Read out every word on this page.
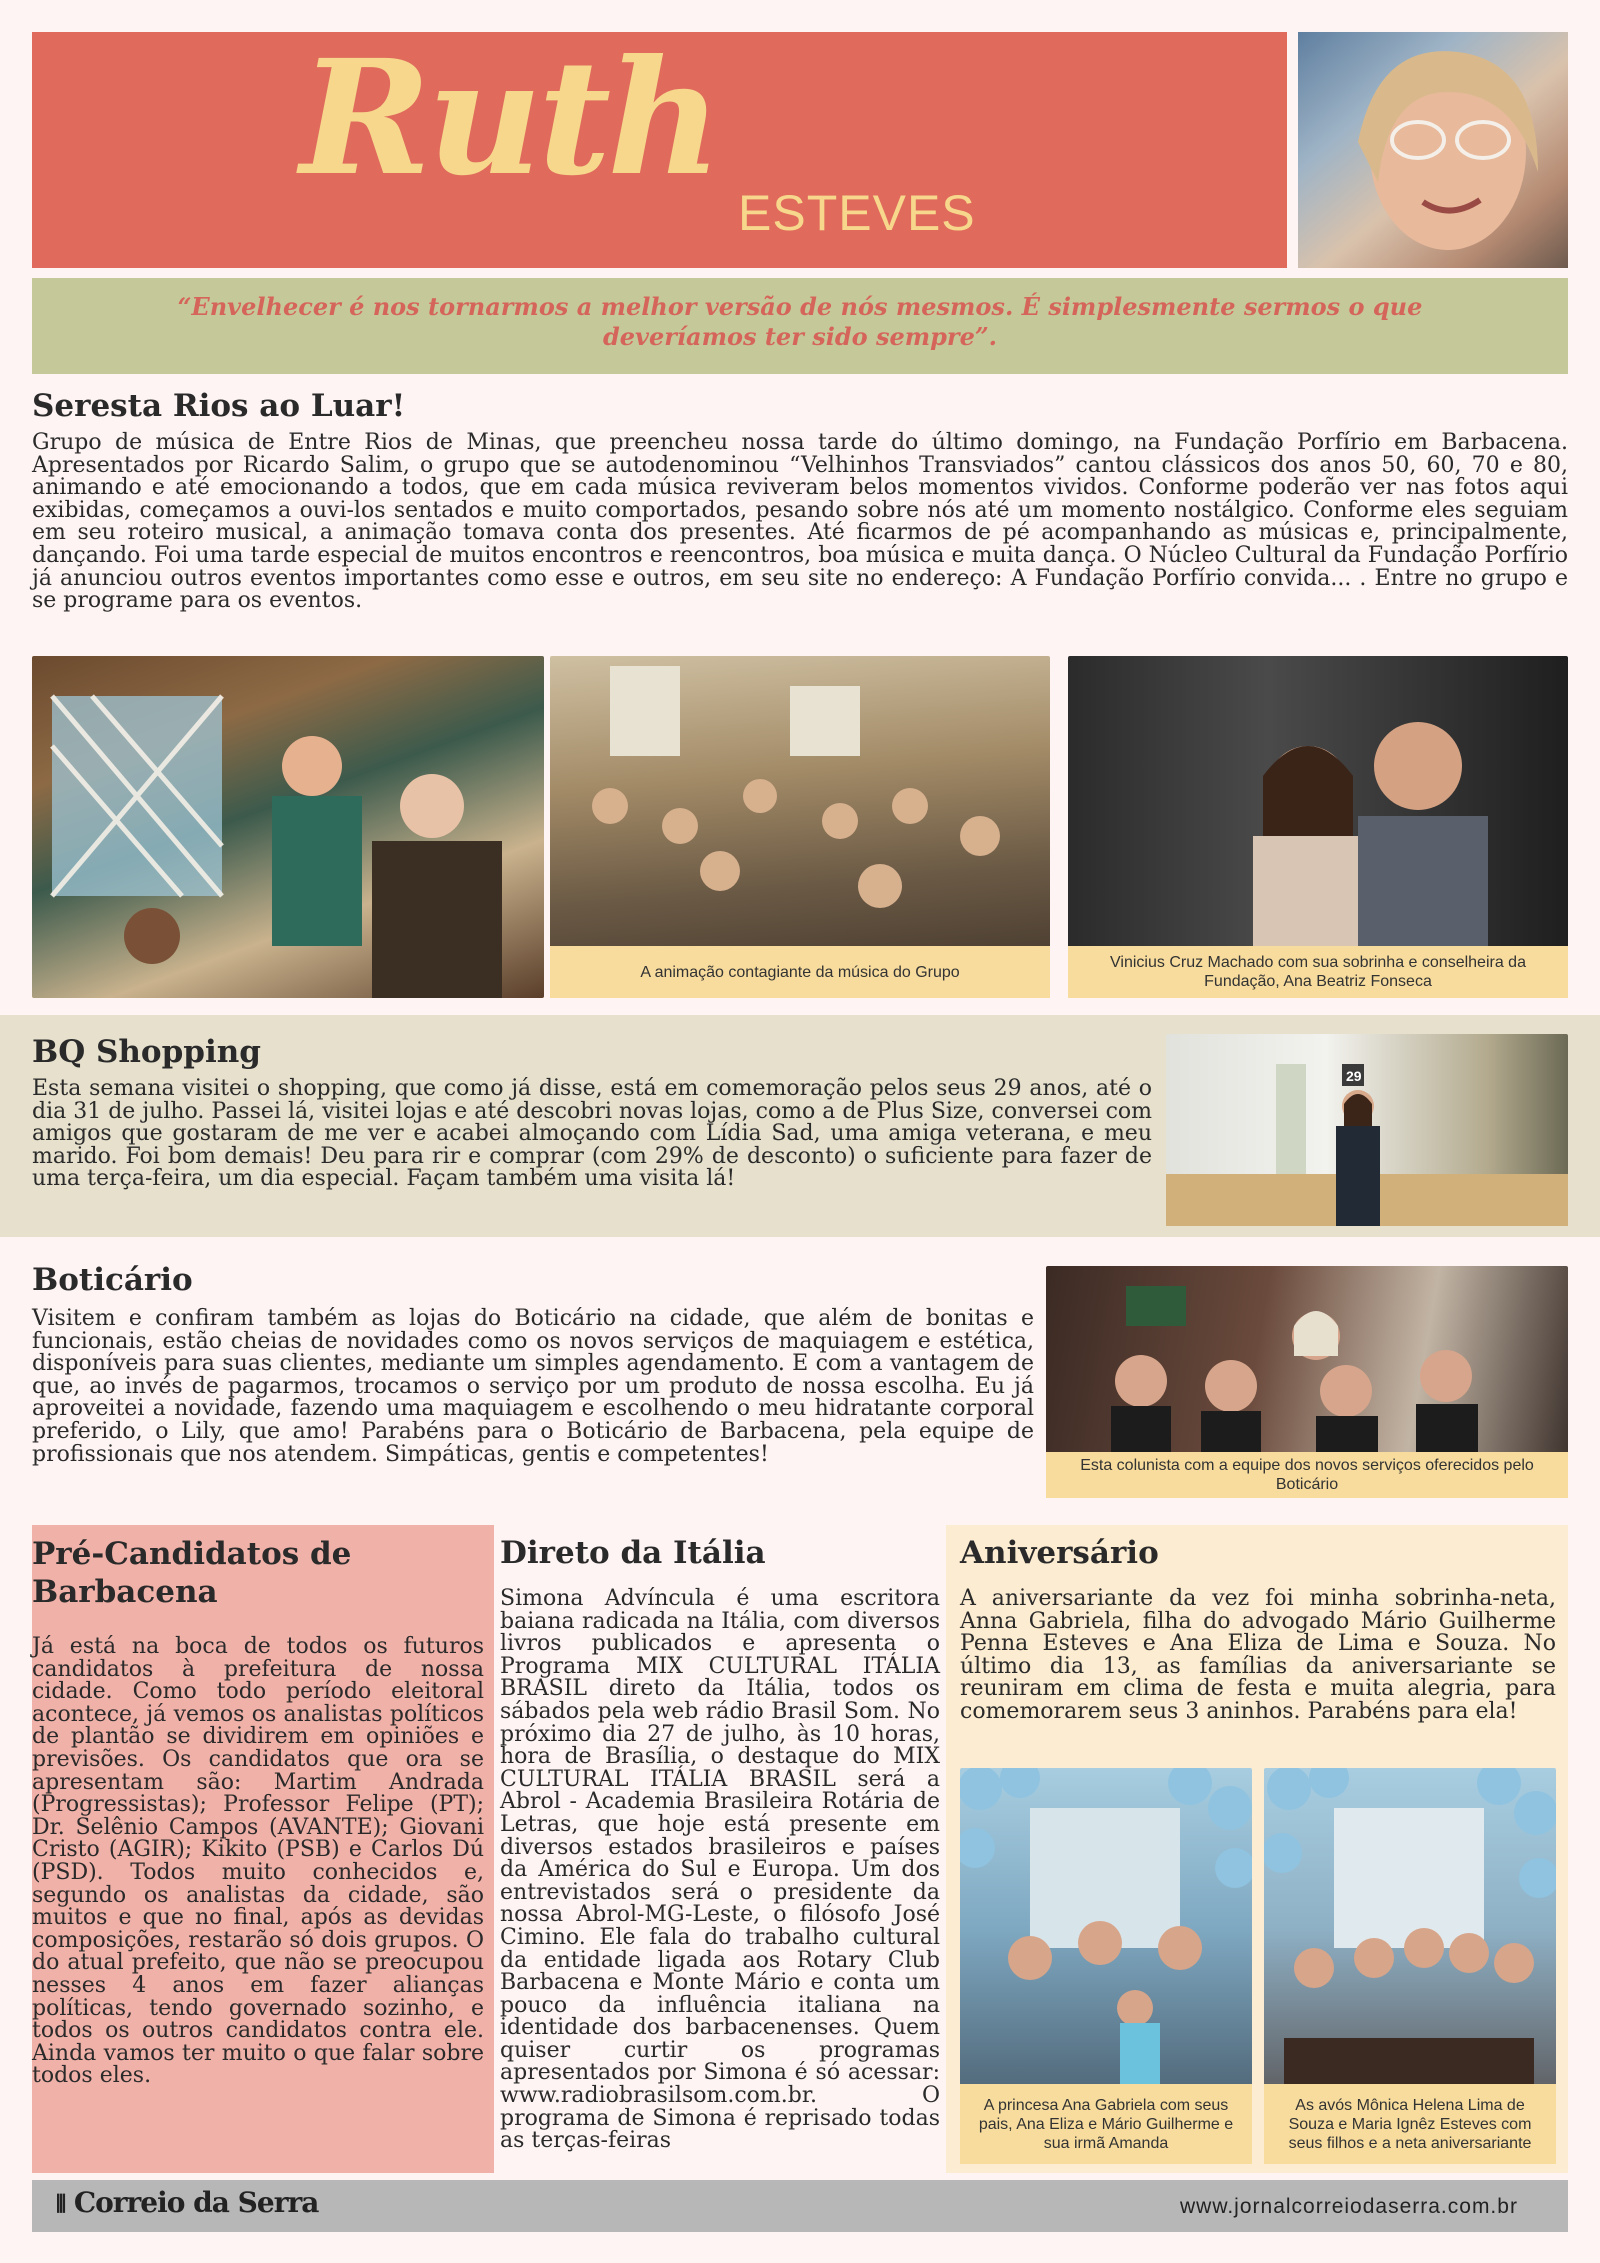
Ruth
ESTEVES
“Envelhecer é nos tornarmos a melhor versão de nós mesmos. É simplesmente sermos o que deveríamos ter sido sempre”.
Seresta Rios ao Luar!
Grupo de música de Entre Rios de Minas, que preencheu nossa tarde do último domingo, na Fundação Porfírio em Barbacena. Apresentados por Ricardo Salim, o grupo que se autodenominou “Velhinhos Transviados” cantou clássicos dos anos 50, 60, 70 e 80, animando e até emocionando a todos, que em cada música reviveram belos momentos vividos. Conforme poderão ver nas fotos aqui exibidas, começamos a ouvi-los sentados e muito comportados, pesando sobre nós até um momento nostálgico. Conforme eles seguiam em seu roteiro musical, a animação tomava conta dos presentes. Até ficarmos de pé acompanhando as músicas e, principalmente, dançando. Foi uma tarde especial de muitos encontros e reencontros, boa música e muita dança. O Núcleo Cultural da Fundação Porfírio já anunciou outros eventos importantes como esse e outros, em seu site no endereço: A Fundação Porfírio convida... . Entre no grupo e se programe para os eventos.
A animação contagiante da música do Grupo
Vinicius Cruz Machado com sua sobrinha e conselheira da Fundação, Ana Beatriz Fonseca
BQ Shopping
Esta semana visitei o shopping, que como já disse, está em comemoração pelos seus 29 anos, até o dia 31 de julho. Passei lá, visitei lojas e até descobri novas lojas, como a de Plus Size, conversei com amigos que gostaram de me ver e acabei almoçando com Lídia Sad, uma amiga veterana, e meu marido. Foi bom demais! Deu para rir e comprar (com 29% de desconto) o suficiente para fazer de uma terça-feira, um dia especial. Façam também uma visita lá!
29
Boticário
Visitem e confiram também as lojas do Boticário na cidade, que além de bonitas e funcionais, estão cheias de novidades como os novos serviços de maquiagem e estética, disponíveis para suas clientes, mediante um simples agendamento. E com a vantagem de que, ao invés de pagarmos, trocamos o serviço por um produto de nossa escolha. Eu já aproveitei a novidade, fazendo uma maquiagem e escolhendo o meu hidratante corporal preferido, o Lily, que amo! Parabéns para o Boticário de Barbacena, pela equipe de profissionais que nos atendem. Simpáticas, gentis e competentes!	Esta colunista com a equipe dos novos serviços oferecidos pelo Boticário
Pré-Candidatos de Barbacena
Já está na boca de todos os futuros candidatos à prefeitura de nossa cidade. Como todo período eleitoral acontece, já vemos os analistas políticos de plantão se dividirem em opiniões e previsões. Os candidatos que ora se apresentam são: Martim Andrada (Progressistas); Professor Felipe (PT); Dr. Selênio Campos (AVANTE); Giovani Cristo (AGIR); Kikito (PSB) e Carlos Dú (PSD). Todos muito conhecidos e, segundo os analistas da cidade, são muitos e que no final, após as devidas composições, restarão só dois grupos. O do atual prefeito, que não se preocupou nesses 4 anos em fazer alianças políticas, tendo governado sozinho, e todos os outros candidatos contra ele. Ainda vamos ter muito o que falar sobre todos eles.
Direto da Itália
Simona Advíncula é uma escritora baiana radicada na Itália, com diversos livros publicados e apresenta o Programa MIX CULTURAL ITÁLIA BRASIL direto da Itália, todos os sábados pela web rádio Brasil Som. No próximo dia 27 de julho, às 10 horas, hora de Brasília, o destaque do MIX CULTURAL ITÁLIA BRASIL será a Abrol - Academia Brasileira Rotária de Letras, que hoje está presente em diversos estados brasileiros e países da América do Sul e Europa. Um dos entrevistados será o presidente da nossa Abrol-MG-Leste, o filósofo José Cimino. Ele fala do trabalho cultural da entidade ligada aos Rotary Club Barbacena e Monte Mário e conta um pouco da influência italiana na identidade dos barbacenenses. Quem quiser curtir os programas apresentados por Simona é só acessar: www.radiobrasilsom.com.br. O programa de Simona é reprisado todas as terças-feiras
Aniversário
A aniversariante da vez foi minha sobrinha-neta, Anna Gabriela, filha do advogado Mário Guilherme Penna Esteves e Ana Eliza de Lima e Souza. No último dia 13, as famílias da aniversariante se reuniram em clima de festa e muita alegria, para comemorarem seus 3 aninhos. Parabéns para ela!
A princesa Ana Gabriela com seus pais, Ana Eliza e Mário Guilherme e sua irmã Amanda
As avós Mônica Helena Lima de Souza e Maria Ignêz Esteves com seus filhos e a neta aniversariante
⫴ Correio da Serra	www.jornalcorreiodaserra.com.br
